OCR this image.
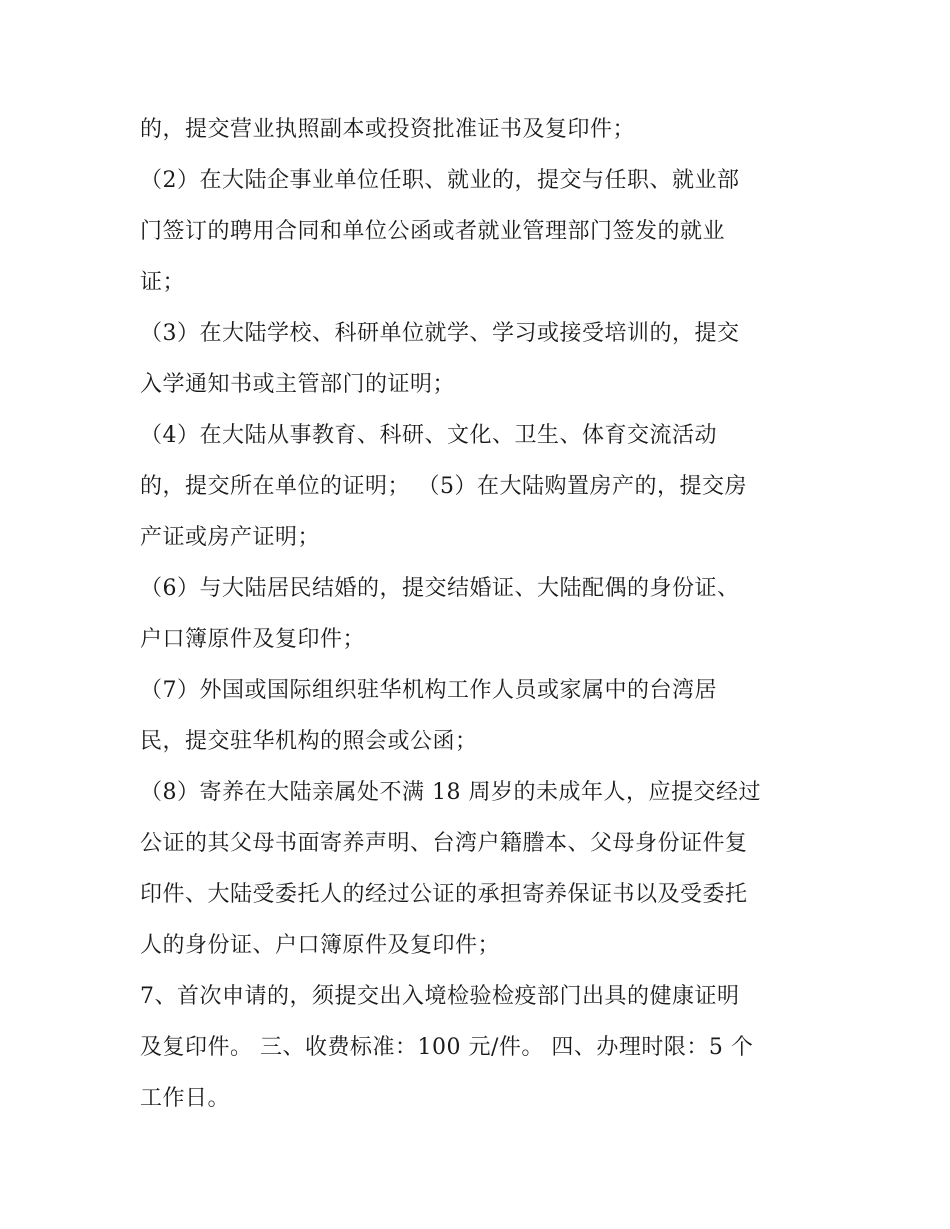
的，提交营业执照副本或投资批准证书及复印件；
（2）在大陆企事业单位任职、就业的，提交与任职、就业部
门签订的聘用合同和单位公函或者就业管理部门签发的就业
证；
（3）在大陆学校、科研单位就学、学习或接受培训的，提交
入学通知书或主管部门的证明；
（4）在大陆从事教育、科研、文化、卫生、体育交流活动
的，提交所在单位的证明； （5）在大陆购置房产的，提交房
产证或房产证明；
（6）与大陆居民结婚的，提交结婚证、大陆配偶的身份证、
户口簿原件及复印件；
（7）外国或国际组织驻华机构工作人员或家属中的台湾居
民，提交驻华机构的照会或公函；
（8）寄养在大陆亲属处不满 18 周岁的未成年人，应提交经过
公证的其父母书面寄养声明、台湾户籍謄本、父母身份证件复
印件、大陆受委托人的经过公证的承担寄养保证书以及受委托
人的身份证、户口簿原件及复印件；
7、首次申请的，须提交出入境检验检疫部门出具的健康证明
及复印件。 三、收费标准：100 元/件。 四、办理时限：5 个
工作日。
